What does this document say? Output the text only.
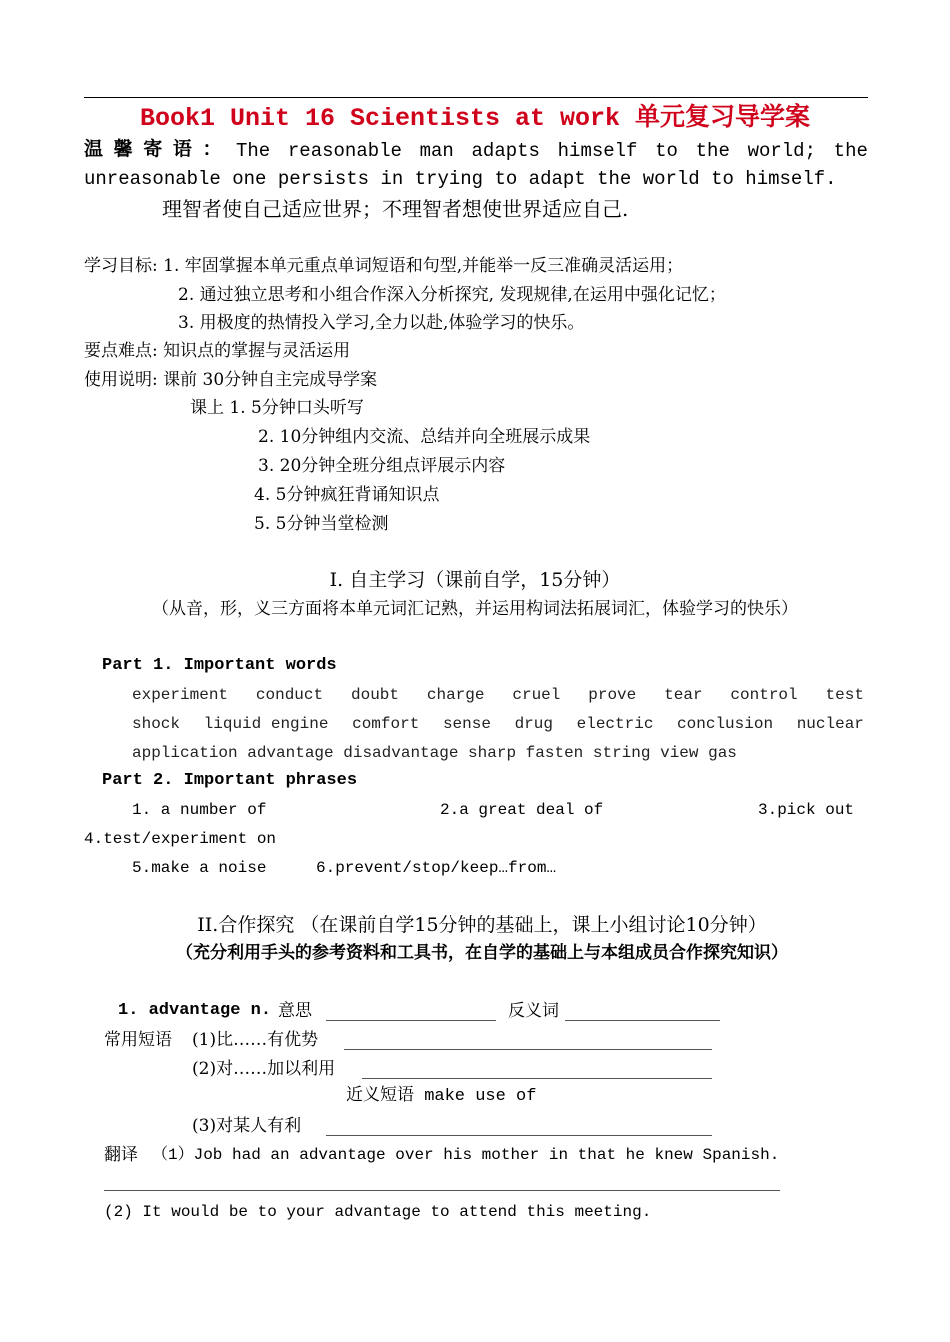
Book1 Unit 16 Scientists at work 单元复习导学案
温 馨 寄 语 ： The reasonable man adapts himself to the world; the
unreasonable one persists in trying to adapt the world to himself.
理智者使自己适应世界；不理智者想使世界适应自己.
学习目标: 1. 牢固掌握本单元重点单词短语和句型,并能举一反三准确灵活运用；
2. 通过独立思考和小组合作深入分析探究, 发现规律,在运用中强化记忆；
3. 用极度的热情投入学习,全力以赴,体验学习的快乐。
要点难点: 知识点的掌握与灵活运用
使用说明: 课前 30分钟自主完成导学案
课上 1. 5分钟口头听写
2. 10分钟组内交流、总结并向全班展示成果
3. 20分钟全班分组点评展示内容
4. 5分钟疯狂背诵知识点
5. 5分钟当堂检测
I. 自主学习（课前自学，15分钟）
（从音，形，义三方面将本单元词汇记熟，并运用构词法拓展词汇，体验学习的快乐）
Part 1. Important words
experiment conduct doubt charge cruel prove tear control test
shock liquid engine comfort sense drug electric conclusion nuclear
application advantage disadvantage sharp fasten string view gas
Part 2. Important phrases
1. a number of	2.a great deal of	3.pick out
4.test/experiment on
5.make a noise	6.prevent/stop/keep…from…
II.合作探究 （在课前自学15分钟的基础上，课上小组讨论10分钟）
（充分利用手头的参考资料和工具书，在自学的基础上与本组成员合作探究知识）
1. advantage n. 意思	反义词
常用短语 (1)比……有优势
(2)对……加以利用
近义短语 make use of
(3)对某人有利
翻译 （1）Job had an advantage over his mother in that he knew Spanish.
(2) It would be to your advantage to attend this meeting.
